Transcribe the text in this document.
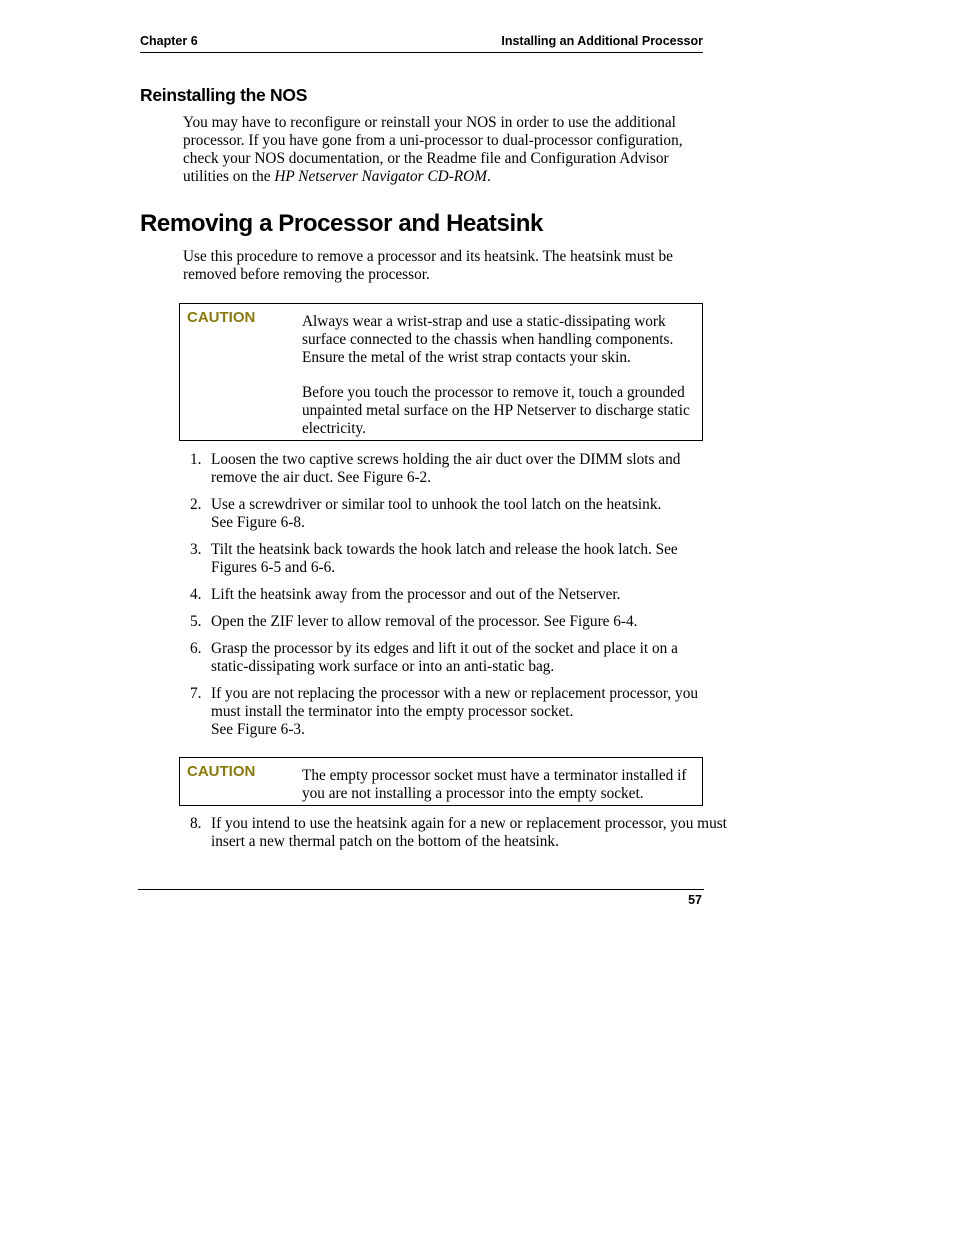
Chapter 6	Installing an Additional Processor
Reinstalling the NOS
You may have to reconfigure or reinstall your NOS in order to use the additional processor. If you have gone from a uni-processor to dual-processor configuration, check your NOS documentation, or the Readme file and Configuration Advisor utilities on the HP Netserver Navigator CD-ROM.
Removing a Processor and Heatsink
Use this procedure to remove a processor and its heatsink. The heatsink must be removed before removing the processor.
CAUTION	Always wear a wrist-strap and use a static-dissipating work surface connected to the chassis when handling components. Ensure the metal of the wrist strap contacts your skin.

Before you touch the processor to remove it, touch a grounded unpainted metal surface on the HP Netserver to discharge static electricity.

1. Loosen the two captive screws holding the air duct over the DIMM slots and remove the air duct. See Figure 6-2.
2. Use a screwdriver or similar tool to unhook the tool latch on the heatsink.
See Figure 6-8.
3. Tilt the heatsink back towards the hook latch and release the hook latch. See Figures 6-5 and 6-6.
4. Lift the heatsink away from the processor and out of the Netserver.
5. Open the ZIF lever to allow removal of the processor. See Figure 6-4.
6. Grasp the processor by its edges and lift it out of the socket and place it on a static-dissipating work surface or into an anti-static bag.
7. If you are not replacing the processor with a new or replacement processor, you must install the terminator into the empty processor socket.
See Figure 6-3.
CAUTION	The empty processor socket must have a terminator installed if you are not installing a processor into the empty socket.
8. If you intend to use the heatsink again for a new or replacement processor, you must insert a new thermal patch on the bottom of the heatsink.
57
